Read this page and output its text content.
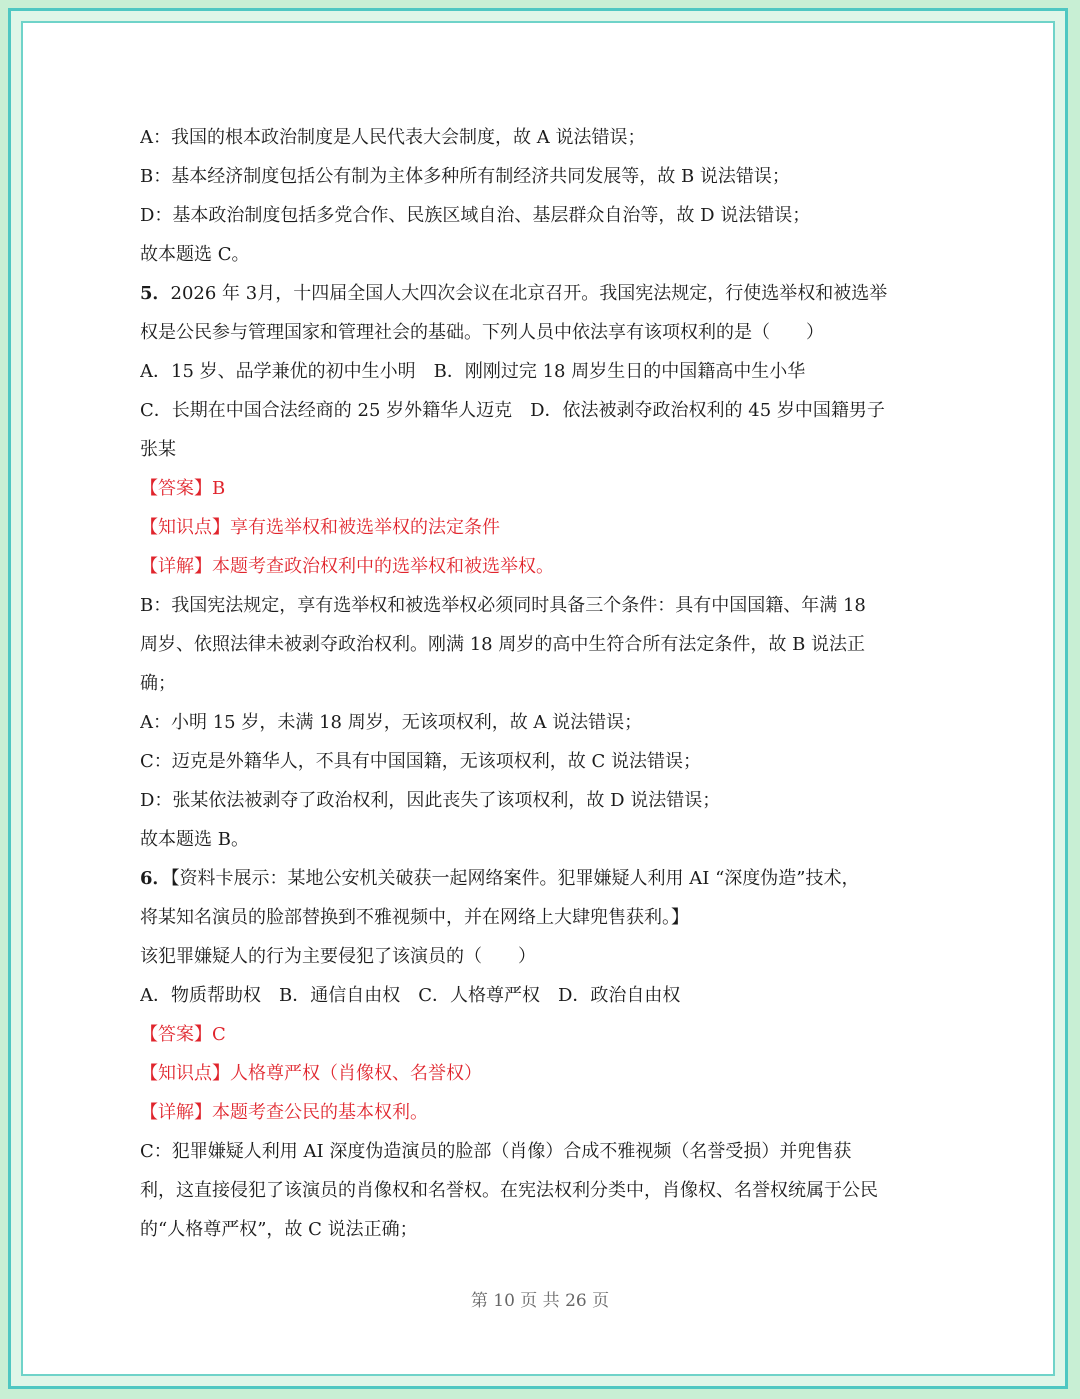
A：我国的根本政治制度是人民代表大会制度，故 A 说法错误；
B：基本经济制度包括公有制为主体多种所有制经济共同发展等，故 B 说法错误；
D：基本政治制度包括多党合作、民族区域自治、基层群众自治等，故 D 说法错误；
故本题选 C。
5．2026 年 3月，十四届全国人大四次会议在北京召开。我国宪法规定，行使选举权和被选举
权是公民参与管理国家和管理社会的基础。下列人员中依法享有该项权利的是（　　）
A．15 岁、品学兼优的初中生小明　B．刚刚过完 18 周岁生日的中国籍高中生小华
C．长期在中国合法经商的 25 岁外籍华人迈克　D．依法被剥夺政治权利的 45 岁中国籍男子
张某
【答案】B
【知识点】享有选举权和被选举权的法定条件
【详解】本题考查政治权利中的选举权和被选举权。
B：我国宪法规定，享有选举权和被选举权必须同时具备三个条件：具有中国国籍、年满 18
周岁、依照法律未被剥夺政治权利。刚满 18 周岁的高中生符合所有法定条件，故 B 说法正
确；
A：小明 15 岁，未满 18 周岁，无该项权利，故 A 说法错误；
C：迈克是外籍华人，不具有中国国籍，无该项权利，故 C 说法错误；
D：张某依法被剥夺了政治权利，因此丧失了该项权利，故 D 说法错误；
故本题选 B。
6．【资料卡展示：某地公安机关破获一起网络案件。犯罪嫌疑人利用 AI “深度伪造”技术，
将某知名演员的脸部替换到不雅视频中，并在网络上大肆兜售获利。】
该犯罪嫌疑人的行为主要侵犯了该演员的（　　）
A．物质帮助权　B．通信自由权　C．人格尊严权　D．政治自由权
【答案】C
【知识点】人格尊严权（肖像权、名誉权）
【详解】本题考查公民的基本权利。
C：犯罪嫌疑人利用 AI 深度伪造演员的脸部（肖像）合成不雅视频（名誉受损）并兜售获
利，这直接侵犯了该演员的肖像权和名誉权。在宪法权利分类中，肖像权、名誉权统属于公民
的“人格尊严权”，故 C 说法正确；
第 10 页 共 26 页
